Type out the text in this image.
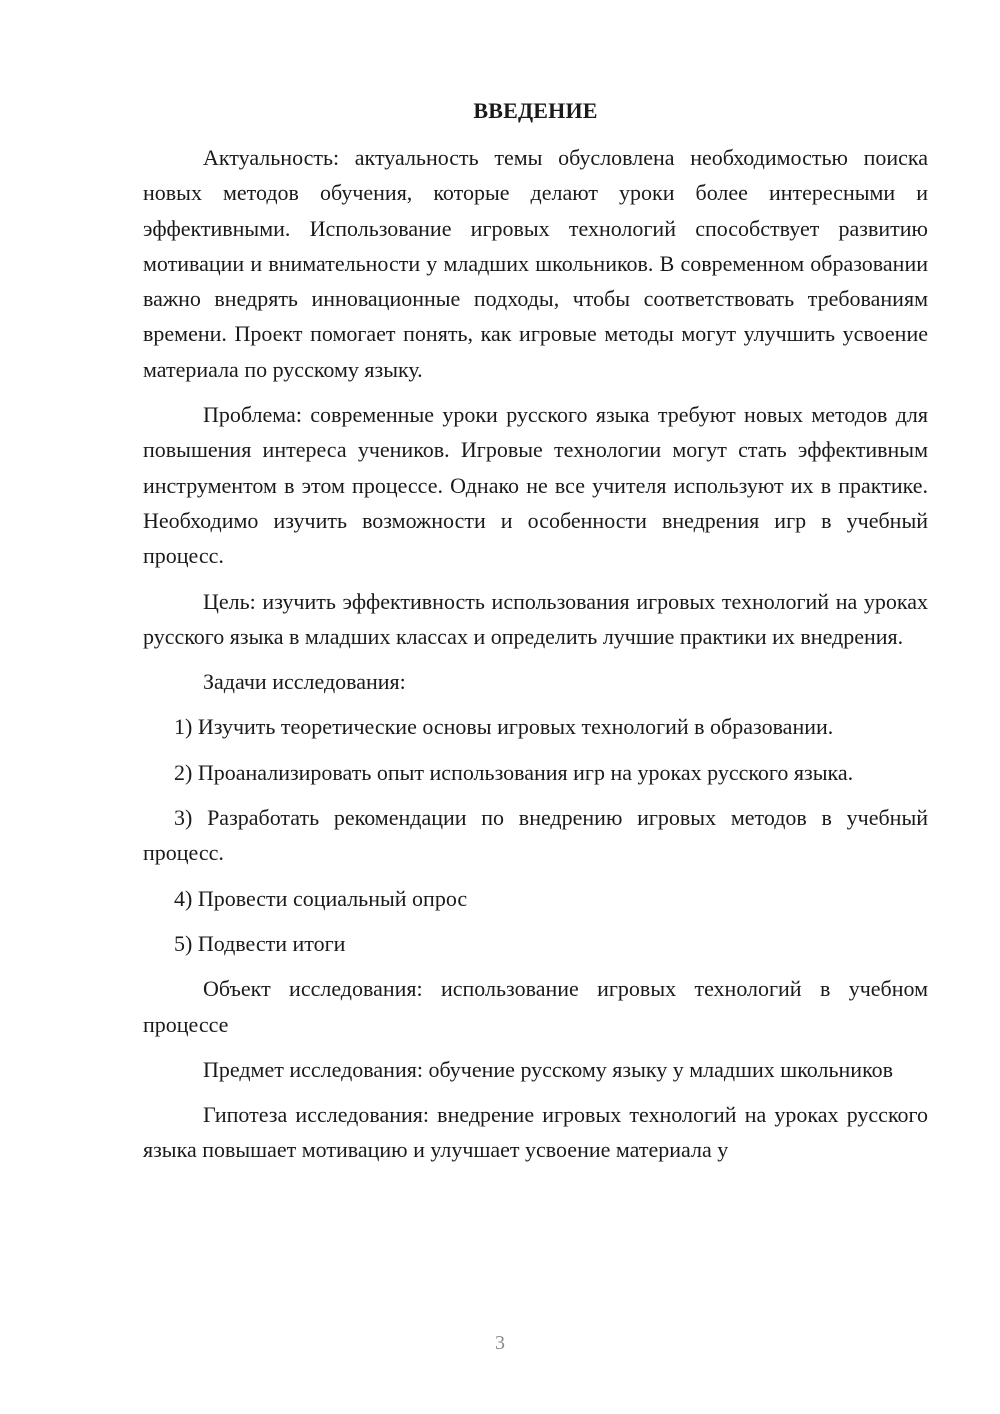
ВВЕДЕНИЕ

Актуальность: актуальность темы обусловлена необходимостью поиска новых методов обучения, которые делают уроки более интересными и эффективными. Использование игровых технологий способствует развитию мотивации и внимательности у младших школьников. В современном образовании важно внедрять инновационные подходы, чтобы соответствовать требованиям времени. Проект помогает понять, как игровые методы могут улучшить усвоение материала по русскому языку.

Проблема: современные уроки русского языка требуют новых методов для повышения интереса учеников. Игровые технологии могут стать эффективным инструментом в этом процессе. Однако не все учителя используют их в практике. Необходимо изучить возможности и особенности внедрения игр в учебный процесс.

Цель: изучить эффективность использования игровых технологий на уроках русского языка в младших классах и определить лучшие практики их внедрения.

Задачи исследования:

1) Изучить теоретические основы игровых технологий в образовании.

2) Проанализировать опыт использования игр на уроках русского языка.

3) Разработать рекомендации по внедрению игровых методов в учебный процесс.

4) Провести социальный опрос

5) Подвести итоги

Объект исследования: использование игровых технологий в учебном процессе

Предмет исследования: обучение русскому языку у младших школьников

Гипотеза исследования: внедрение игровых технологий на уроках русского языка повышает мотивацию и улучшает усвоение материала у

3
